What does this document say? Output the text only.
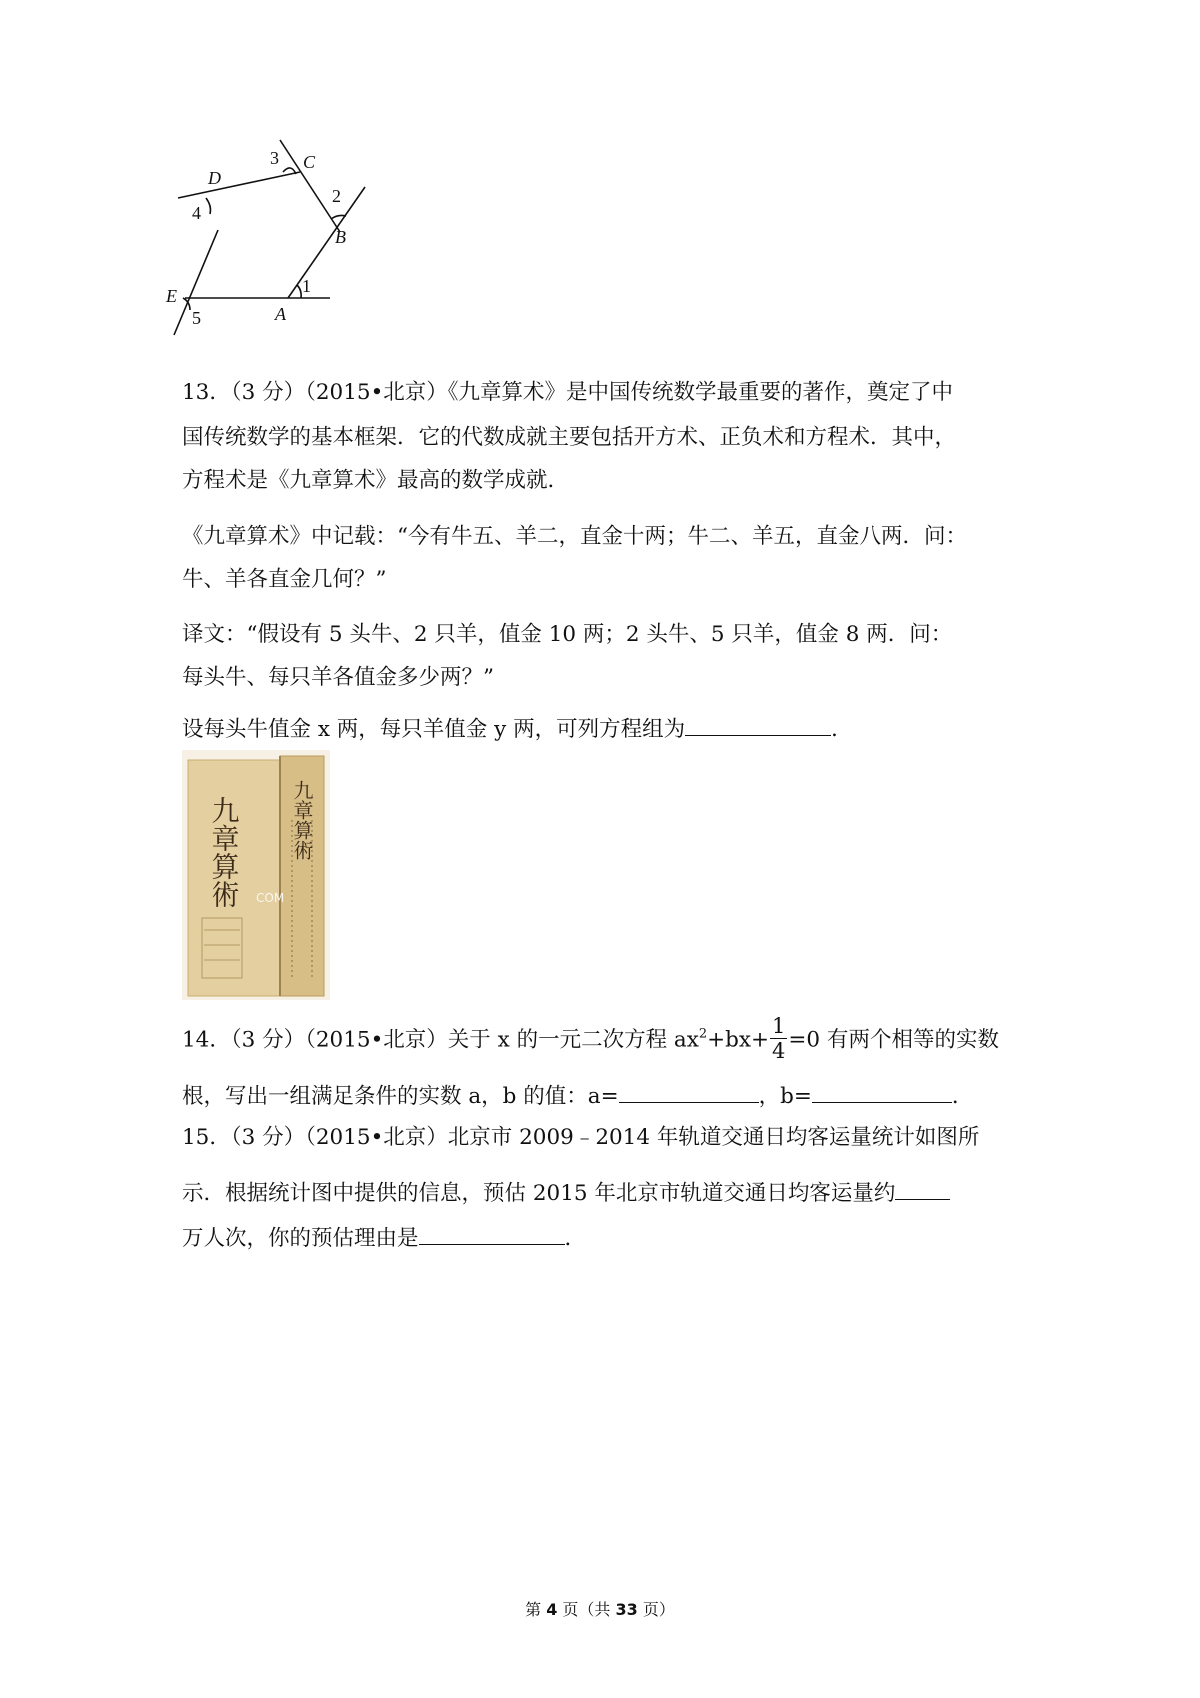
D
C
B
E
A
3
2
4
1
5
13．（3 分）（2015•北京）《九章算术》是中国传统数学最重要的著作，奠定了中
国传统数学的基本框架．它的代数成就主要包括开方术、正负术和方程术．其中，
方程术是《九章算术》最高的数学成就．
《九章算术》中记载：“今有牛五、羊二，直金十两；牛二、羊五，直金八两．问：
牛、羊各直金几何？”
译文：“假设有 5 头牛、2 只羊，值金 10 两；2 头牛、5 只羊，值金 8 两．问：
每头牛、每只羊各值金多少两？”
设每头牛值金 x 两，每只羊值金 y 两，可列方程组为	．
九章算術 九章算術
COM
14．（3 分）（2015•北京）关于 x 的一元二次方程 $ax^2+bx+ \frac{1}{4} =0$ 有两个相等的实数
根，写出一组满足条件的实数 a，b 的值：a=	，b=	．
15．（3 分）（2015•北京）北京市 2009﹣2014 年轨道交通日均客运量统计如图所
示．根据统计图中提供的信息，预估 2015 年北京市轨道交通日均客运量约
万人次，你的预估理由是	．
第 4 页（共 33 页）
